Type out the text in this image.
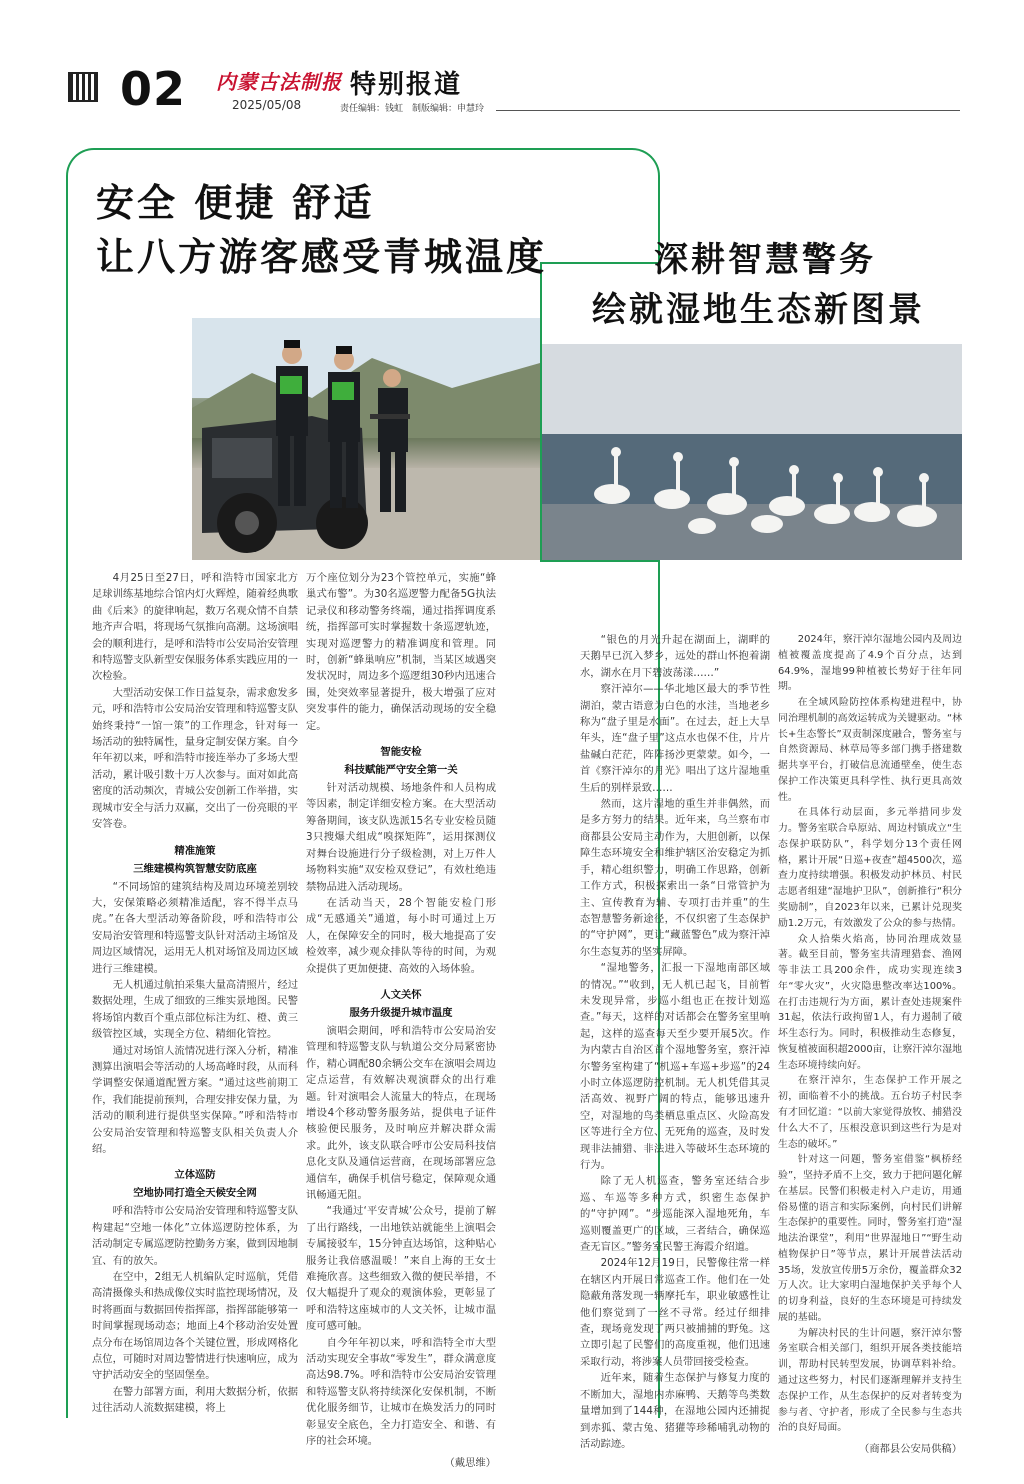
02 内蒙古法制报
2025/05/08
特别报道
责任编辑：钱虹　制版编辑：申慧玲
安全 便捷 舒适
让八方游客感受青城温度	深耕智慧警务
绘就湿地生态新图景

4月25日至27日，呼和浩特市国家北方足球训练基地综合馆内灯火辉煌，随着经典歌曲《后来》的旋律响起，数万名观众情不自禁地齐声合唱，将现场气氛推向高潮。这场演唱会的顺利进行，是呼和浩特市公安局治安管理和特巡警支队新型安保服务体系实践应用的一次检验。

大型活动安保工作日益复杂，需求愈发多元，呼和浩特市公安局治安管理和特巡警支队始终秉持“一馆一策”的工作理念，针对每一场活动的独特属性，量身定制安保方案。自今年年初以来，呼和浩特市接连举办了多场大型活动，累计吸引数十万人次参与。面对如此高密度的活动频次，青城公安创新工作举措，实现城市安全与活力双赢，交出了一份亮眼的平安答卷。

精准施策
三维建模构筑智慧安防底座

“不同场馆的建筑结构及周边环境差别较大，安保策略必须精准适配，容不得半点马虎。”在各大型活动筹备阶段，呼和浩特市公安局治安管理和特巡警支队针对活动主场馆及周边区域情况，运用无人机对场馆及周边区域进行三维建模。

无人机通过航拍采集大量高清照片，经过数据处理，生成了细致的三维实景地图。民警将场馆内数百个重点部位标注为红、橙、黄三级管控区域，实现全方位、精细化管控。

通过对场馆人流情况进行深入分析，精准测算出演唱会等活动的人场高峰时段，从而科学调整安保通道配置方案。“通过这些前期工作，我们能提前预判，合理安排安保力量，为活动的顺利进行提供坚实保障。”呼和浩特市公安局治安管理和特巡警支队相关负责人介绍。

立体巡防
空地协同打造全天候安全网

呼和浩特市公安局治安管理和特巡警支队构建起“空地一体化”立体巡逻防控体系，为活动制定专属巡逻防控勤务方案，做到因地制宜、有的放矢。

在空中，2组无人机编队定时巡航，凭借高清摄像头和热成像仪实时监控现场情况，及时将画面与数据回传指挥部，指挥部能够第一时间掌握现场动态；地面上4个移动治安处置点分布在场馆周边各个关键位置，形成网格化点位，可随时对周边警情进行快速响应，成为守护活动安全的坚固堡垒。

在警力部署方面，利用大数据分析，依据过往活动人流数据建模，将上

万个座位划分为23个管控单元，实施“蜂巢式布警”。为30名巡逻警力配备5G执法记录仪和移动警务终端，通过指挥调度系统，指挥部可实时掌握数十条巡逻轨迹，实现对巡逻警力的精准调度和管理。同时，创新“蜂巢响应”机制，当某区域遇突发状况时，周边多个巡逻组30秒内迅速合围，处突效率显著提升，极大增强了应对突发事件的能力，确保活动现场的安全稳定。

智能安检
科技赋能严守安全第一关

针对活动规模、场地条件和人员构成等因素，制定详细安检方案。在大型活动筹备期间，该支队选派15名专业安检员随3只搜爆犬组成“嗅探矩阵”，运用探测仪对舞台设施进行分子级检测，对上万件人场物料实施“双安检双登记”，有效杜绝违禁物品进入活动现场。

在活动当天，28个智能安检门形成“无感通关”通道，每小时可通过上万人，在保障安全的同时，极大地提高了安检效率，减少观众排队等待的时间，为观众提供了更加便捷、高效的入场体验。

人文关怀
服务升级提升城市温度

演唱会期间，呼和浩特市公安局治安管理和特巡警支队与轨道公交分局紧密协作，精心调配80余辆公交车在演唱会周边定点运营，有效解决观演群众的出行难题。针对演唱会人流量大的特点，在现场增设4个移动警务服务站，提供电子证件核验便民服务，及时响应并解决群众需求。此外，该支队联合呼市公安局科技信息化支队及通信运营商，在现场部署应急通信车，确保手机信号稳定，保障观众通讯畅通无阻。

“我通过‘平安青城’公众号，提前了解了出行路线，一出地铁站就能坐上演唱会专属接驳车，15分钟直达场馆，这种贴心服务让我倍感温暖！”来自上海的王女士难掩欣喜。这些细致入微的便民举措，不仅大幅提升了观众的观演体验，更彰显了呼和浩特这座城市的人文关怀，让城市温度可感可触。

自今年年初以来，呼和浩特全市大型活动实现安全事故“零发生”，群众满意度高达98.7%。呼和浩特市公安局治安管理和特巡警支队将持续深化安保机制，不断优化服务细节，让城市在焕发活力的同时彰显安全底色，全力打造安全、和谐、有序的社会环境。

（戴思维）

“银色的月光升起在湖面上，湖畔的天鹅早已沉入梦乡，远处的群山怀抱着湖水，湖水在月下碧波荡漾……”

察汗淖尔——华北地区最大的季节性湖泊，蒙古语意为白色的水洼，当地老乡称为“盘子里是水面”。在过去，赶上大旱年头，连“盘子里”这点水也保不住，片片盐碱白茫茫，阵阵扬沙更蒙蒙。如今，一首《察汗淖尔的月光》唱出了这片湿地重生后的别样景致……

然而，这片湿地的重生并非偶然，而是多方努力的结果。近年来，乌兰察布市商都县公安局主动作为，大胆创新，以保障生态环境安全和维护辖区治安稳定为抓手，精心组织警力，明确工作思路，创新工作方式，积极探索出一条“日常管护为主、宣传教育为辅、专项打击并重”的生态智慧警务新途径，不仅织密了生态保护的“守护网”，更让“藏蓝警色”成为察汗淖尔生态复苏的坚实屏障。

“湿地警务，汇报一下湿地南部区域的情况。”“收到，无人机已起飞，目前暂未发现异常，步巡小组也正在按计划巡查。”每天，这样的对话都会在警务室里响起，这样的巡查每天至少要开展5次。作为内蒙古自治区首个湿地警务室，察汗淖尔警务室构建了“机巡+车巡+步巡”的24小时立体巡逻防控机制。无人机凭借其灵活高效、视野广阔的特点，能够迅速升空，对湿地的鸟类栖息重点区、火险高发区等进行全方位、无死角的巡查，及时发现非法捕猎、非法进入等破坏生态环境的行为。

除了无人机巡查，警务室还结合步巡、车巡等多种方式，织密生态保护的“守护网”。“步巡能深入湿地死角，车巡则覆盖更广的区域，三者结合，确保巡查无盲区。”警务室民警王海霞介绍道。

2024年12月19日，民警像往常一样在辖区内开展日常巡查工作。他们在一处隐蔽角落发现一辆摩托车，职业敏感性让他们察觉到了一丝不寻常。经过仔细排查，现场竟发现了两只被捕捕的野兔。这立即引起了民警们的高度重视，他们迅速采取行动，将涉案人员带回接受检查。

近年来，随着生态保护与修复力度的不断加大，湿地内赤麻鸭、天鹅等鸟类数量增加到了144种，在湿地公园内还捕捉到赤狐、蒙古兔、猪獾等珍稀哺乳动物的活动踪迹。

2024年，察汗淖尔湿地公园内及周边植被覆盖度提高了4.9个百分点，达到64.9%，湿地99种植被长势好于往年同期。

在全域风险防控体系构建进程中，协同治理机制的高效运转成为关键驱动。“林长+生态警长”双责制深度融合，警务室与自然资源局、林草局等多部门携手搭建数据共享平台，打破信息流通壁垒，使生态保护工作决策更具科学性、执行更具高效性。

在具体行动层面，多元举措同步发力。警务室联合阜原站、周边村镇成立“生态保护联防队”，科学划分13个责任网格，累计开展“日巡+夜查”超4500次，巡查力度持续增强。积极发动护林员、村民志愿者组建“湿地护卫队”，创新推行“积分奖励制”，自2023年以来，已累计兑现奖励1.2万元，有效激发了公众的参与热情。

众人拾柴火焰高，协同治理成效显著。截至目前，警务室共清理猎套、渔网等非法工具200余件，成功实现连续3年“零火灾”，火灾隐患整改率达100%。在打击违规行为方面，累计查处违规案件31起，依法行政拘留1人，有力遏制了破坏生态行为。同时，积极推动生态修复，恢复植被面积超2000亩，让察汗淖尔湿地生态环境持续向好。

在察汗淖尔，生态保护工作开展之初，面临着不小的挑战。五台坊子村民李有才回忆道：“以前大家觉得放牧、捕猎没什么大不了，压根没意识到这些行为是对生态的破坏。”

针对这一问题，警务室借鉴“枫桥经验”，坚持矛盾不上交，致力于把问题化解在基层。民警们积极走村入户走访，用通俗易懂的语言和实际案例，向村民们讲解生态保护的重要性。同时，警务室打造“湿地法治课堂”，利用“世界湿地日”“野生动植物保护日”等节点，累计开展普法活动35场，发放宣传册5万余份，覆盖群众32万人次。让大家明白湿地保护关乎每个人的切身利益，良好的生态环境是可持续发展的基础。

为解决村民的生计问题，察汗淖尔警务室联合相关部门，组织开展各类技能培训，帮助村民转型发展，协调草料补给。通过这些努力，村民们逐渐理解并支持生态保护工作，从生态保护的反对者转变为参与者、守护者，形成了全民参与生态共治的良好局面。

（商都县公安局供稿）
